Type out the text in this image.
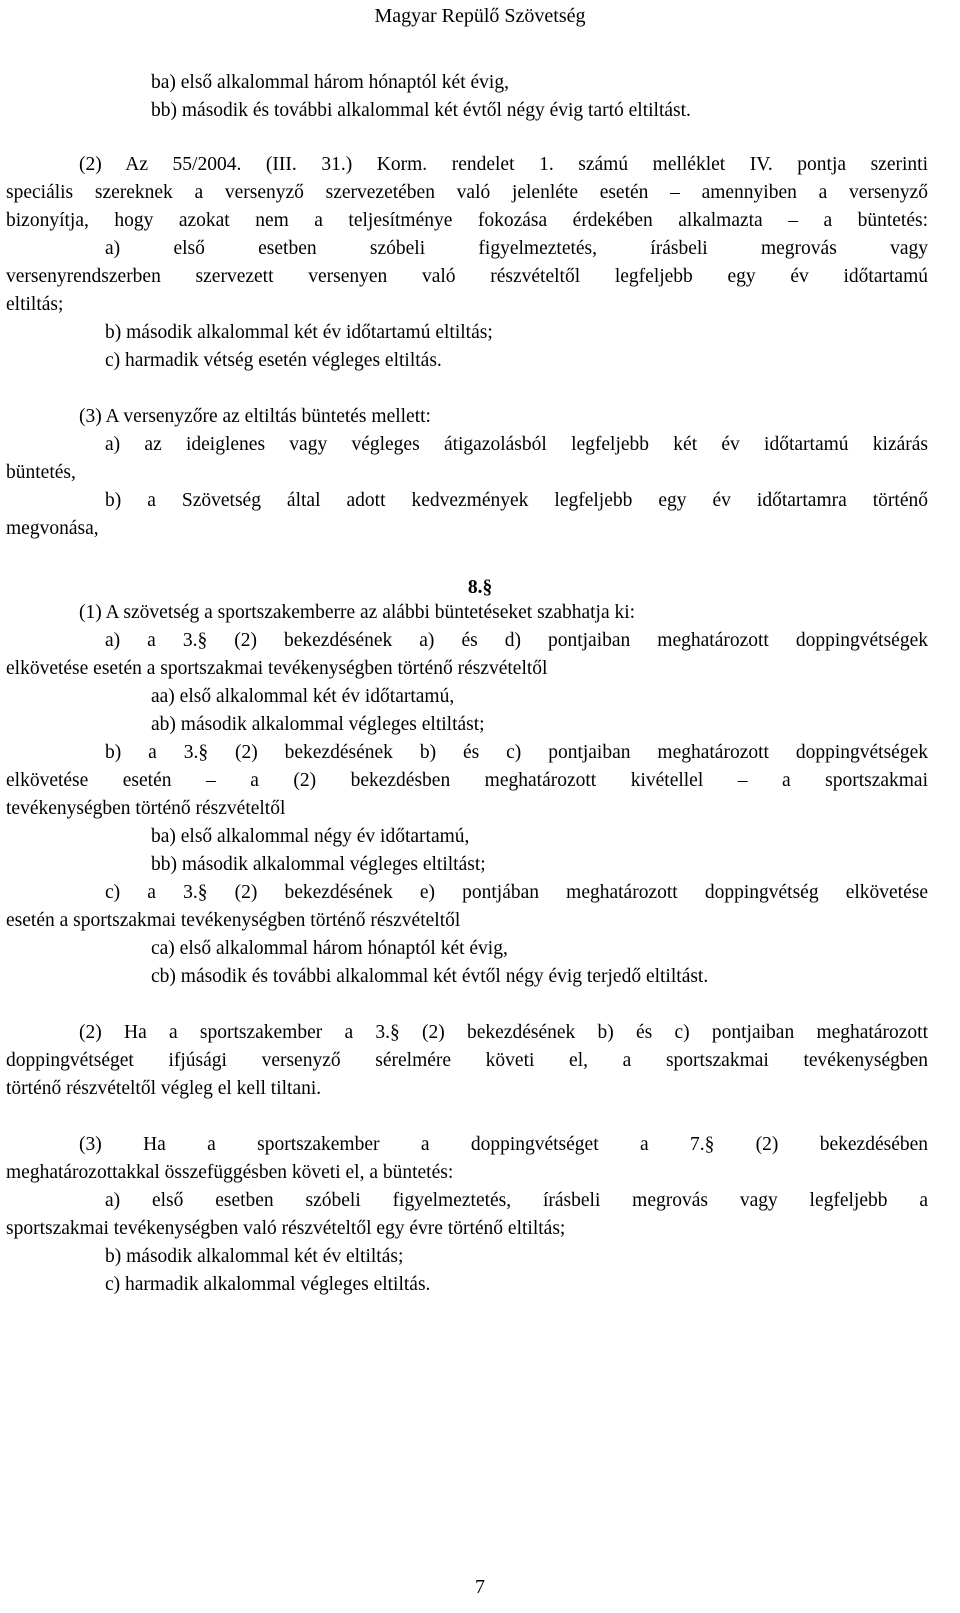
Magyar Repülő Szövetség
ba) első alkalommal három hónaptól két évig,
bb) második és további alkalommal két évtől négy évig tartó eltiltást.
(2) Az 55/2004. (III. 31.) Korm. rendelet 1. számú melléklet IV. pontja szerinti
speciális szereknek a versenyző szervezetében való jelenléte esetén – amennyiben a versenyző
bizonyítja, hogy azokat nem a teljesítménye fokozása érdekében alkalmazta – a büntetés:
a) első esetben szóbeli figyelmeztetés, írásbeli megrovás vagy
versenyrendszerben szervezett versenyen való részvételtől legfeljebb egy év időtartamú
eltiltás;
b) második alkalommal két év időtartamú eltiltás;
c) harmadik vétség esetén végleges eltiltás.
(3) A versenyzőre az eltiltás büntetés mellett:
a) az ideiglenes vagy végleges átigazolásból legfeljebb két év időtartamú kizárás
büntetés,
b) a Szövetség által adott kedvezmények legfeljebb egy év időtartamra történő
megvonása,
8.§
(1) A szövetség a sportszakemberre az alábbi büntetéseket szabhatja ki:
a) a 3.§ (2) bekezdésének a) és d) pontjaiban meghatározott doppingvétségek
elkövetése esetén a sportszakmai tevékenységben történő részvételtől
aa) első alkalommal két év időtartamú,
ab) második alkalommal végleges eltiltást;
b) a 3.§ (2) bekezdésének b) és c) pontjaiban meghatározott doppingvétségek
elkövetése esetén – a (2) bekezdésben meghatározott kivétellel – a sportszakmai
tevékenységben történő részvételtől
ba) első alkalommal négy év időtartamú,
bb) második alkalommal végleges eltiltást;
c) a 3.§ (2) bekezdésének e) pontjában meghatározott doppingvétség elkövetése
esetén a sportszakmai tevékenységben történő részvételtől
ca) első alkalommal három hónaptól két évig,
cb) második és további alkalommal két évtől négy évig terjedő eltiltást.
(2) Ha a sportszakember a 3.§ (2) bekezdésének b) és c) pontjaiban meghatározott
doppingvétséget ifjúsági versenyző sérelmére követi el, a sportszakmai tevékenységben
történő részvételtől végleg el kell tiltani.
(3) Ha a sportszakember a doppingvétséget a 7.§ (2) bekezdésében
meghatározottakkal összefüggésben követi el, a büntetés:
a) első esetben szóbeli figyelmeztetés, írásbeli megrovás vagy legfeljebb a
sportszakmai tevékenységben való részvételtől egy évre történő eltiltás;
b) második alkalommal két év eltiltás;
c) harmadik alkalommal végleges eltiltás.
7
